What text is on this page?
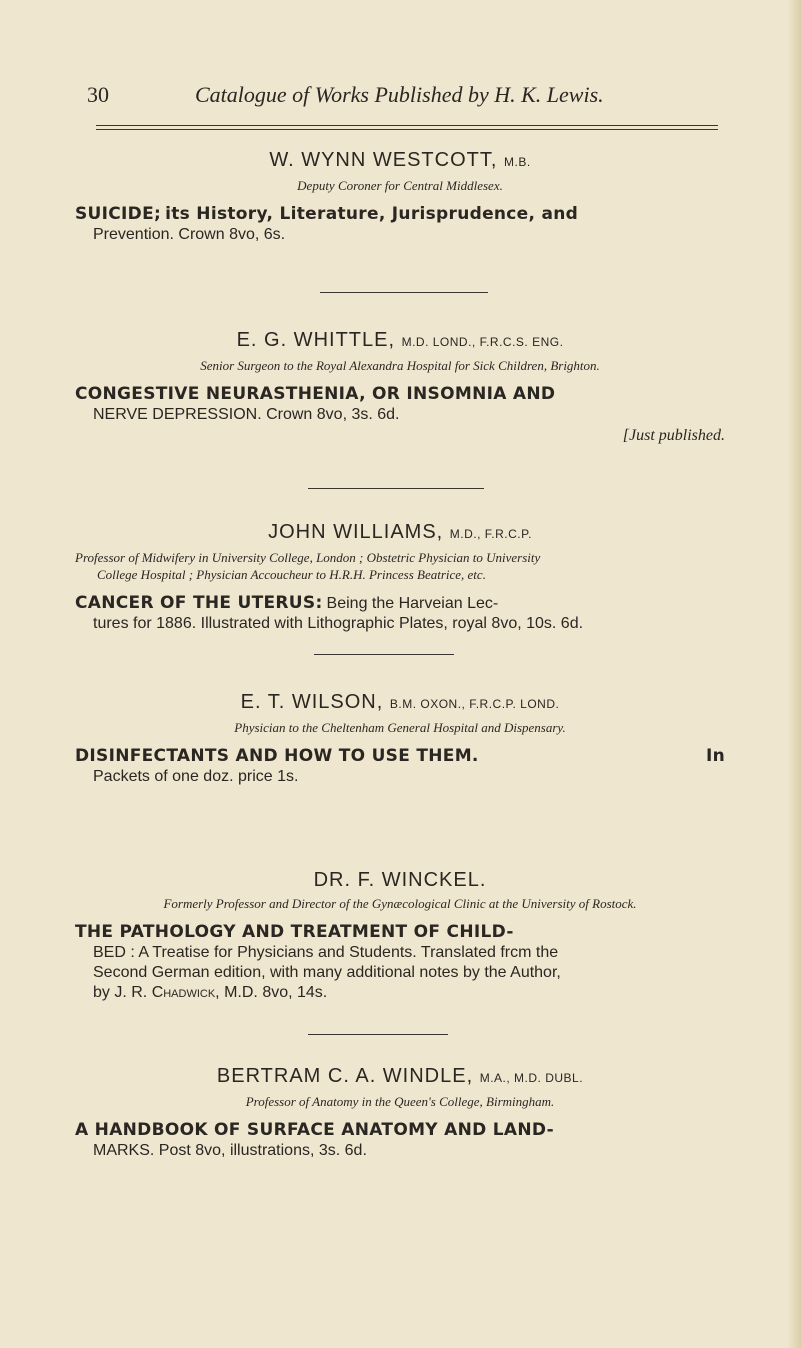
30	Catalogue of Works Published by H. K. Lewis.
W. WYNN WESTCOTT, M.B.
Deputy Coroner for Central Middlesex.
SUICIDE; its History, Literature, Jurisprudence, and
Prevention. Crown 8vo, 6s.
E. G. WHITTLE, M.D. LOND., F.R.C.S. ENG.
Senior Surgeon to the Royal Alexandra Hospital for Sick Children, Brighton.
CONGESTIVE NEURASTHENIA, OR INSOMNIA AND
NERVE DEPRESSION. Crown 8vo, 3s. 6d.
[Just published.
JOHN WILLIAMS, M.D., F.R.C.P.
Professor of Midwifery in University College, London ; Obstetric Physician to University
College Hospital ; Physician Accoucheur to H.R.H. Princess Beatrice, etc.
CANCER OF THE UTERUS: Being the Harveian Lec-
tures for 1886. Illustrated with Lithographic Plates, royal 8vo, 10s. 6d.
E. T. WILSON, B.M. OXON., F.R.C.P. LOND.
Physician to the Cheltenham General Hospital and Dispensary.
DISINFECTANTS AND HOW TO USE THEM.	In

Packets of one doz. price 1s.
DR. F. WINCKEL.
Formerly Professor and Director of the Gynæcological Clinic at the University of Rostock.
THE PATHOLOGY AND TREATMENT OF CHILD-

BED : A Treatise for Physicians and Students. Translated frcm the
Second German edition, with many additional notes by the Author,
by J. R. Chadwick, M.D. 8vo, 14s.
BERTRAM C. A. WINDLE, M.A., M.D. DUBL.
Professor of Anatomy in the Queen's College, Birmingham.
A HANDBOOK OF SURFACE ANATOMY AND LAND-
MARKS. Post 8vo, illustrations, 3s. 6d.
